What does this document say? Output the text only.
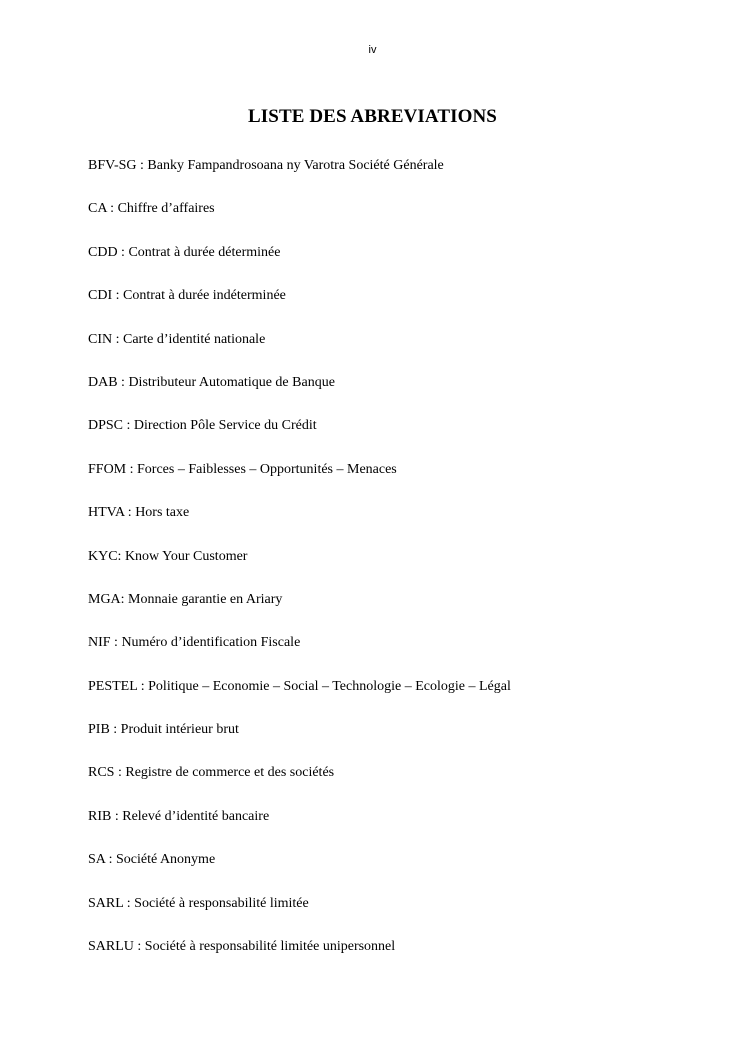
iv
LISTE DES ABREVIATIONS
BFV-SG : Banky Fampandrosoana ny Varotra Société Générale
CA : Chiffre d’affaires
CDD : Contrat à durée déterminée
CDI : Contrat à durée indéterminée
CIN : Carte d’identité nationale
DAB : Distributeur Automatique de Banque
DPSC : Direction Pôle Service du Crédit
FFOM : Forces – Faiblesses – Opportunités – Menaces
HTVA : Hors taxe
KYC: Know Your Customer
MGA: Monnaie garantie en Ariary
NIF : Numéro d’identification Fiscale
PESTEL : Politique – Economie – Social – Technologie – Ecologie – Légal
PIB : Produit intérieur brut
RCS : Registre de commerce et des sociétés
RIB : Relevé d’identité bancaire
SA : Société Anonyme
SARL : Société à responsabilité limitée
SARLU : Société à responsabilité limitée unipersonnel
